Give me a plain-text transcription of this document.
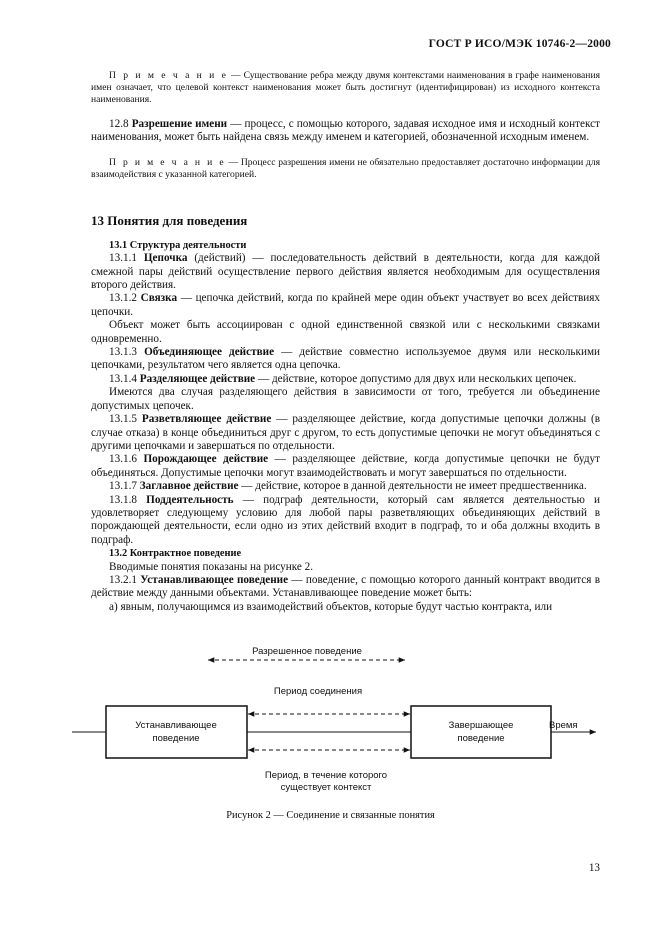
ГОСТ Р ИСО/МЭК 10746-2—2000

П р и м е ч а н и е — Существование ребра между двумя контекстами наименования в графе наименования имен означает, что целевой контекст наименования может быть достигнут (идентифицирован) из исходного контекста наименования.

12.8 Разрешение имени — процесс, с помощью которого, задавая исходное имя и исходный контекст наименования, может быть найдена связь между именем и категорией, обозначенной исходным именем.

П р и м е ч а н и е — Процесс разрешения имени не обязательно предоставляет достаточно информации для взаимодействия с указанной категорией.

13 Понятия для поведения

13.1 Структура деятельности

13.1.1 Цепочка (действий) — последовательность действий в деятельности, когда для каждой смежной пары действий осуществление первого действия является необходимым для осуществления второго действия.

13.1.2 Связка — цепочка действий, когда по крайней мере один объект участвует во всех действиях цепочки.

Объект может быть ассоциирован с одной единственной связкой или с несколькими связками одновременно.

13.1.3 Объединяющее действие — действие совместно используемое двумя или несколькими цепочками, результатом чего является одна цепочка.

13.1.4 Разделяющее действие — действие, которое допустимо для двух или нескольких цепочек.

Имеются два случая разделяющего действия в зависимости от того, требуется ли объединение допустимых цепочек.

13.1.5 Разветвляющее действие — разделяющее действие, когда допустимые цепочки должны (в случае отказа) в конце объединиться друг с другом, то есть допустимые цепочки не могут объединяться с другими цепочками и завершаться по отдельности.

13.1.6 Порождающее действие — разделяющее действие, когда допустимые цепочки не будут объединяться. Допустимые цепочки могут взаимодействовать и могут завершаться по отдельности.

13.1.7 Заглавное действие — действие, которое в данной деятельности не имеет предшественника.

13.1.8 Поддеятельность — подграф деятельности, который сам является деятельностью и удовлетворяет следующему условию для любой пары разветвляющих объединяющих действий в порождающей деятельности, если одно из этих действий входит в подграф, то и оба должны входить в подграф.

13.2 Контрактное поведение

Вводимые понятия показаны на рисунке 2.

13.2.1 Устанавливающее поведение — поведение, с помощью которого данный контракт вводится в действие между данными объектами. Устанавливающее поведение может быть:

а) явным, получающимся из взаимодействий объектов, которые будут частью контракта, или

Разрешенное поведение
Период соединения
Устанавливающее
поведение
Завершающее
поведение
Время
Период, в течение которого
существует контекст
Рисунок 2 — Соединение и связанные понятия
13
